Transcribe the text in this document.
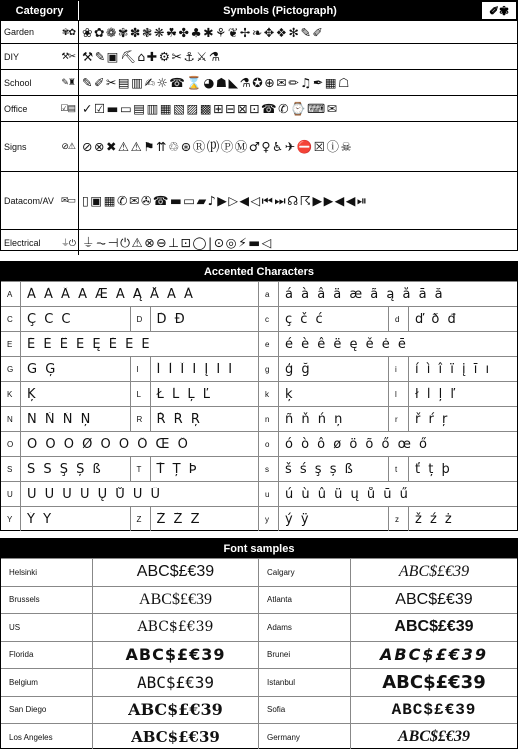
Category	Symbols (Pictograph)	✐✾
Garden	✾✿ ❀✿❁✾✽❃❋☘✤♣✱⚘❦✢❧✥❖✻✎✐
DIY	⚒✂ ⚒✎▣⛏⌂✚⚙✂⚓⚔⚗
School	✎♜ ✎✐✂▤▥✍☼☎⌛◕☗◣⚗✪⊕✉✏♫✒▦☖
Office	☑▤ ✓☑▬▭▤▥▦▧▨▩⊞⊟⊠⊡☎✆⌚⌨✉
Signs	⊘⚠ ⊘⊗✖⚠⚠⚑⇈♲⊛Ⓡ⒫ⓅⓂ♂♀♿✈⛔☒ⓘ☠
Datacom/AV ✉▭ ▯▣▦✆✉✇☎▬▭▰♪▶▷◀◁⏮⏭☊☈▶▶◀◀⏯
Electrical ⏚⏻ ⏚⏦⊣⏻⚠⊗⊖⊥⊡◯|⊙◎⚡▬◁
Accented Characters
A	Á À Â Ä Æ Ã Ą Å Ā Ă	a	á à â ä æ ã ą å ā ă
C	Ç Č Ć	D	Ď Đ	c	ç č ć	d	ď ð đ
E	É È Ê Ë Ę Ě Ė Ē	e	é è ê ë ę ě ė ē
G	Ğ Ģ	I	Í Ì Î Ï Į Ī İ	g	ģ ğ	i	í ì î ï į ī ı
K	Ķ	L	Ł Ĺ Ļ Ľ	k	ķ	l	ł ĺ ļ ľ
N	Ñ Ň Ń Ņ	R	Ř Ŕ Ŗ	n	ñ ň ń ņ	r	ř ŕ ŗ
O	Ó Ò Ô Ø Ö Õ Ő Œ Ő	o	ó ò ô ø ö õ ő œ ő
S	Š Ś Ş Ș ß	T	Ť Ț Þ	s	š ś ş ș ß	t	ť ț þ
U	Ú Ù Û Ü Ų Ů Ū Ű	u	ú ù û ü ų ů ū ű
Y	Ý Ÿ	Z	Ž Ź Ż	y	ý ÿ	z	ž ź ż
Font samples
Helsinki	ABC$£€39	Calgary	ABC$£€39
Brussels	ABC$£€39	Atlanta	ABC$£€39
US	ABC$£€39	Adams	ABC$£€39
Florida	ABC$£€39	Brunei	ABC$£€39
Belgium	ABC$£€39	Istanbul	ABC$£€39
San Diego	ABC$£€39	Sofia	ABC$£€39
Los Angeles	ABC$£€39	Germany	ABC$£€39
